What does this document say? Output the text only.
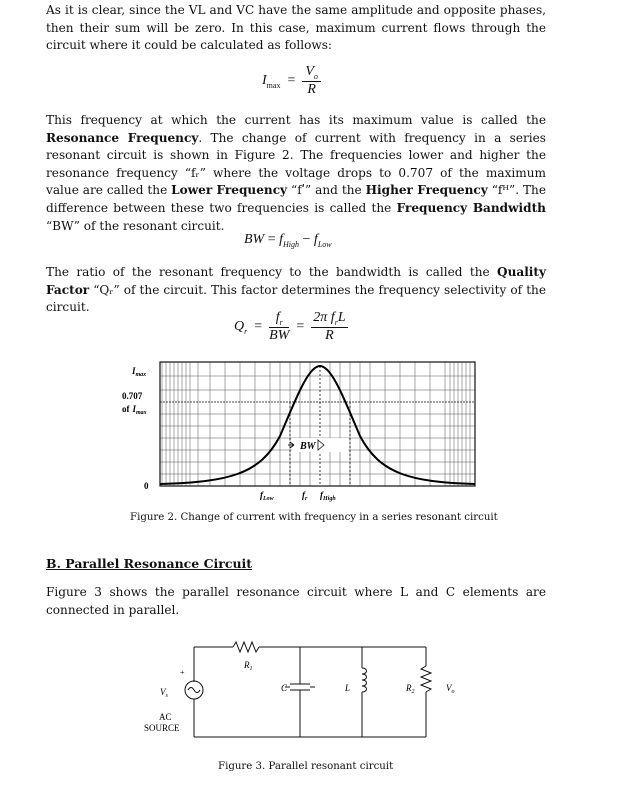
As it is clear, since the VL and VC have the same amplitude and opposite phases, then their sum will be zero. In this case, maximum current flows through the circuit where it could be calculated as follows:

$I_{max} = \frac{V_o}{R}$

This frequency at which the current has its maximum value is called the Resonance Frequency. The change of current with frequency in a series resonant circuit is shown in Figure 2. The frequencies lower and higher the resonance frequency “fᵣ” where the voltage drops to 0.707 of the maximum value are called the Lower Frequency “fʹ” and the Higher Frequency “fᴴ”. The difference between these two frequencies is called the Frequency Bandwidth “BW” of the resonant circuit.

BW = $f_{High} - f_{Low}$

The ratio of the resonant frequency to the bandwidth is called the Quality Factor “Qᵣ” of the circuit. This factor determines the frequency selectivity of the circuit.

$Q_r = \frac{f_r}{BW}$ =
2π $f_rL$
R
BW
$I_{max}$
0.707
of $I_{max}$
0
$f_{Low}$	$f_r$ $f_{High}$
Figure 2. Change of current with frequency in a series resonant circuit
B. Parallel Resonance Circuit

Figure 3 shows the parallel resonance circuit where L and C elements are connected in parallel.

$R_1$
C	L	$R_2$	$V_o$
$V_s$
+
AC
SOURCE
Figure 3. Parallel resonant circuit
